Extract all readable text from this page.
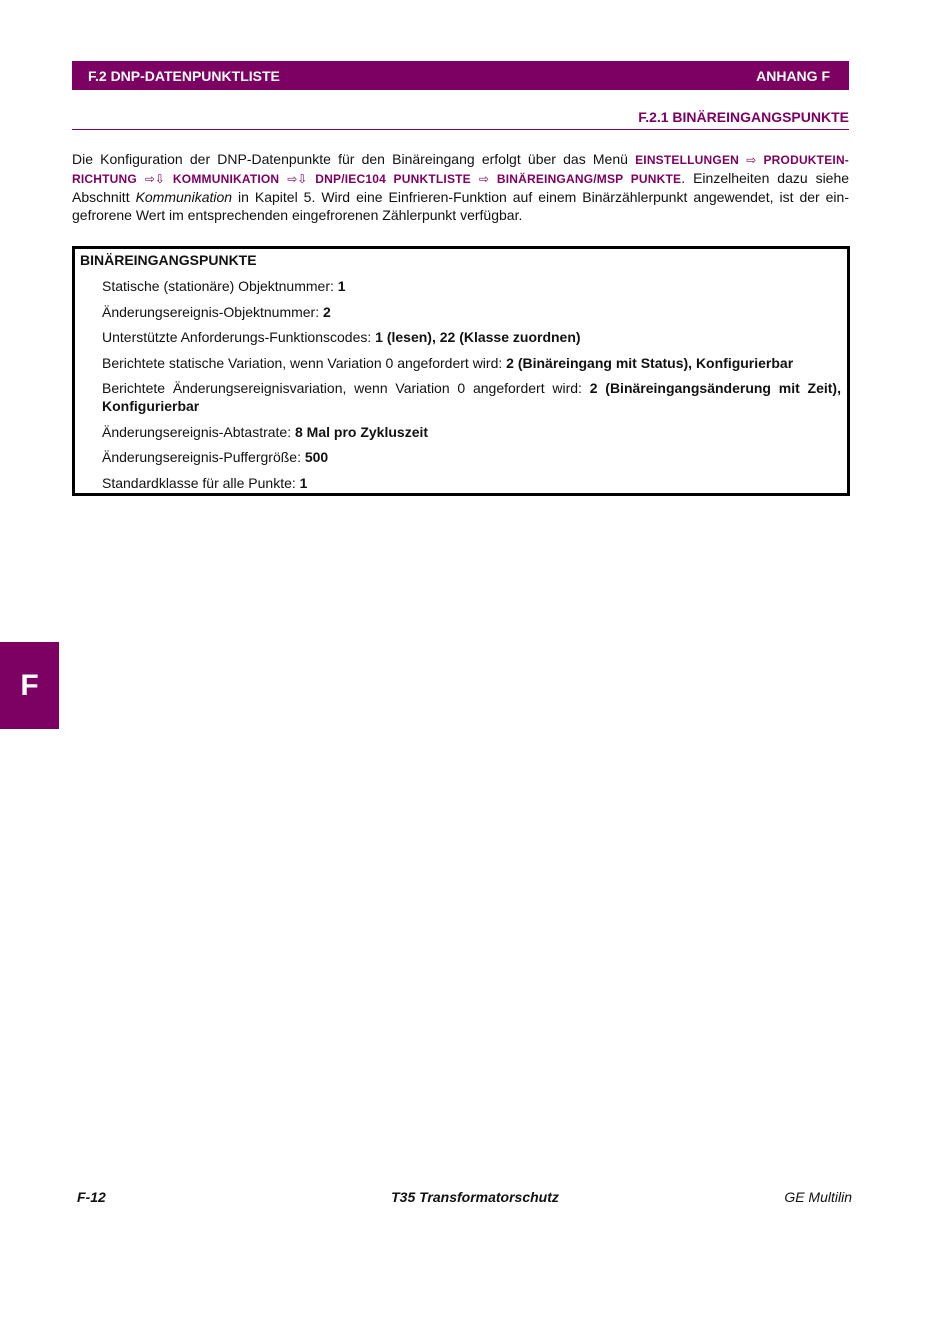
F.2 DNP-DATENPUNKTLISTE	ANHANG F
F.2.1 BINÄREINGANGSPUNKTE

Die Konfiguration der DNP-Datenpunkte für den Binäreingang erfolgt über das Menü EINSTELLUNGEN ⇨ PRODUKTEIN-RICHTUNG ⇨⇩ KOMMUNIKATION ⇨⇩ DNP/IEC104 PUNKTLISTE ⇨ BINÄREINGANG/MSP PUNKTE. Einzelheiten dazu siehe Abschnitt Kommunikation in Kapitel 5. Wird eine Einfrieren-Funktion auf einem Binärzählerpunkt angewendet, ist der ein-gefrorene Wert im entsprechenden eingefrorenen Zählerpunkt verfügbar.

BINÄREINGANGSPUNKTE
Statische (stationäre) Objektnummer: 1
Änderungsereignis-Objektnummer: 2
Unterstützte Anforderungs-Funktionscodes: 1 (lesen), 22 (Klasse zuordnen)
Berichtete statische Variation, wenn Variation 0 angefordert wird: 2 (Binäreingang mit Status), Konfigurierbar
Berichtete Änderungsereignisvariation, wenn Variation 0 angefordert wird: 2 (Binäreingangsänderung mit Zeit), Konfigurierbar
Änderungsereignis-Abtastrate: 8 Mal pro Zykluszeit
Änderungsereignis-Puffergröße: 500
Standardklasse für alle Punkte: 1
F
F-12	T35 Transformatorschutz	GE Multilin
